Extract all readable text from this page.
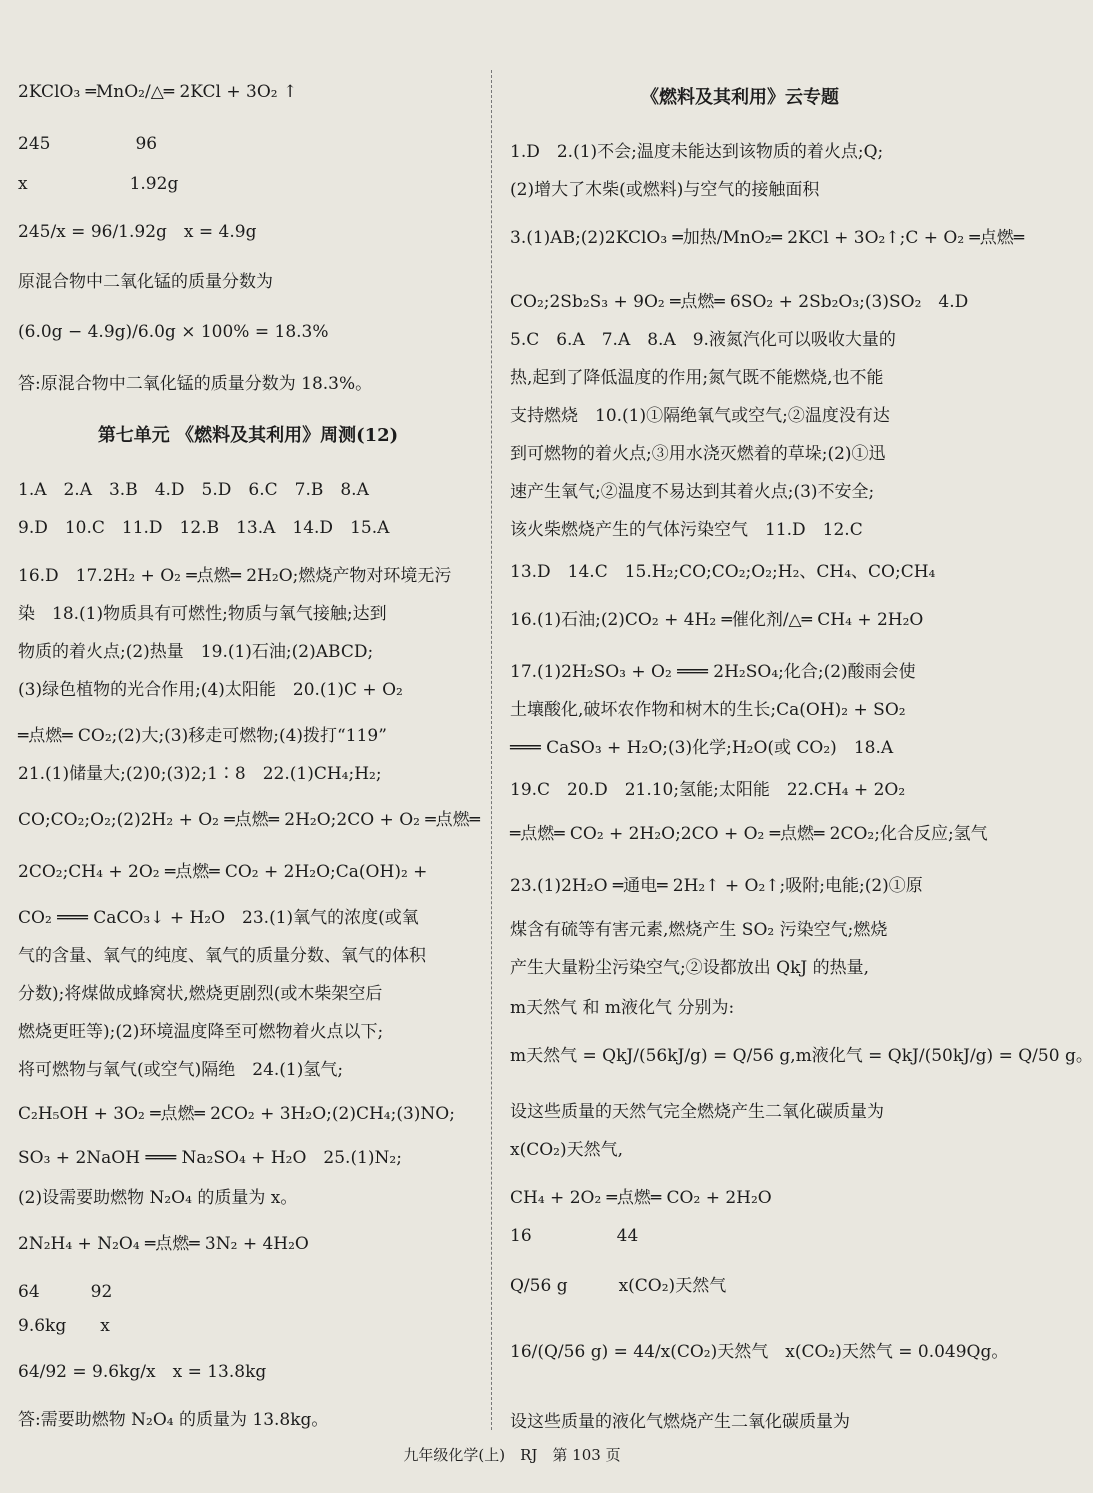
2KClO₃ ═MnO₂/△═ 2KCl + 3O₂ ↑
245　　　　　96
x　　　　　　1.92g
245/x = 96/1.92g　x = 4.9g
原混合物中二氧化锰的质量分数为
(6.0g − 4.9g)/6.0g × 100% = 18.3%
答:原混合物中二氧化锰的质量分数为 18.3%。
第七单元 《燃料及其利用》周测(12)
1.A　2.A　3.B　4.D　5.D　6.C　7.B　8.A
9.D　10.C　11.D　12.B　13.A　14.D　15.A
16.D　17.2H₂ + O₂ ═点燃═ 2H₂O;燃烧产物对环境无污
染　18.(1)物质具有可燃性;物质与氧气接触;达到
物质的着火点;(2)热量　19.(1)石油;(2)ABCD;
(3)绿色植物的光合作用;(4)太阳能　20.(1)C + O₂
═点燃═ CO₂;(2)大;(3)移走可燃物;(4)拨打“119”
21.(1)储量大;(2)0;(3)2;1∶8　22.(1)CH₄;H₂;
CO;CO₂;O₂;(2)2H₂ + O₂ ═点燃═ 2H₂O;2CO + O₂ ═点燃═
2CO₂;CH₄ + 2O₂ ═点燃═ CO₂ + 2H₂O;Ca(OH)₂ +
CO₂ ═══ CaCO₃↓ + H₂O　23.(1)氧气的浓度(或氧
气的含量、氧气的纯度、氧气的质量分数、氧气的体积
分数);将煤做成蜂窝状,燃烧更剧烈(或木柴架空后
燃烧更旺等);(2)环境温度降至可燃物着火点以下;
将可燃物与氧气(或空气)隔绝　24.(1)氢气;
C₂H₅OH + 3O₂ ═点燃═ 2CO₂ + 3H₂O;(2)CH₄;(3)NO;
SO₃ + 2NaOH ═══ Na₂SO₄ + H₂O　25.(1)N₂;
(2)设需要助燃物 N₂O₄ 的质量为 x。
2N₂H₄ + N₂O₄ ═点燃═ 3N₂ + 4H₂O
64　　　92
9.6kg　　x
64/92 = 9.6kg/x　x = 13.8kg
答:需要助燃物 N₂O₄ 的质量为 13.8kg。
《燃料及其利用》云专题
1.D　2.(1)不会;温度未能达到该物质的着火点;Q;
(2)增大了木柴(或燃料)与空气的接触面积
3.(1)AB;(2)2KClO₃ ═加热/MnO₂═ 2KCl + 3O₂↑;C + O₂ ═点燃═
CO₂;2Sb₂S₃ + 9O₂ ═点燃═ 6SO₂ + 2Sb₂O₃;(3)SO₂　4.D
5.C　6.A　7.A　8.A　9.液氮汽化可以吸收大量的
热,起到了降低温度的作用;氮气既不能燃烧,也不能
支持燃烧　10.(1)①隔绝氧气或空气;②温度没有达
到可燃物的着火点;③用水浇灭燃着的草垛;(2)①迅
速产生氧气;②温度不易达到其着火点;(3)不安全;
该火柴燃烧产生的气体污染空气　11.D　12.C
13.D　14.C　15.H₂;CO;CO₂;O₂;H₂、CH₄、CO;CH₄
16.(1)石油;(2)CO₂ + 4H₂ ═催化剂/△═ CH₄ + 2H₂O
17.(1)2H₂SO₃ + O₂ ═══ 2H₂SO₄;化合;(2)酸雨会使
土壤酸化,破坏农作物和树木的生长;Ca(OH)₂ + SO₂
═══ CaSO₃ + H₂O;(3)化学;H₂O(或 CO₂)　18.A
19.C　20.D　21.10;氢能;太阳能　22.CH₄ + 2O₂
═点燃═ CO₂ + 2H₂O;2CO + O₂ ═点燃═ 2CO₂;化合反应;氢气
23.(1)2H₂O ═通电═ 2H₂↑ + O₂↑;吸附;电能;(2)①原
煤含有硫等有害元素,燃烧产生 SO₂ 污染空气;燃烧
产生大量粉尘污染空气;②设都放出 QkJ 的热量,
m天然气 和 m液化气 分别为:
m天然气 = QkJ/(56kJ/g) = Q/56 g,m液化气 = QkJ/(50kJ/g) = Q/50 g。
设这些质量的天然气完全燃烧产生二氧化碳质量为
x(CO₂)天然气,
CH₄ + 2O₂ ═点燃═ CO₂ + 2H₂O
16　　　　　44
Q/56 g　　　x(CO₂)天然气
16/(Q/56 g) = 44/x(CO₂)天然气　x(CO₂)天然气 = 0.049Qg。
设这些质量的液化气燃烧产生二氧化碳质量为
九年级化学(上)　RJ　第 103 页
